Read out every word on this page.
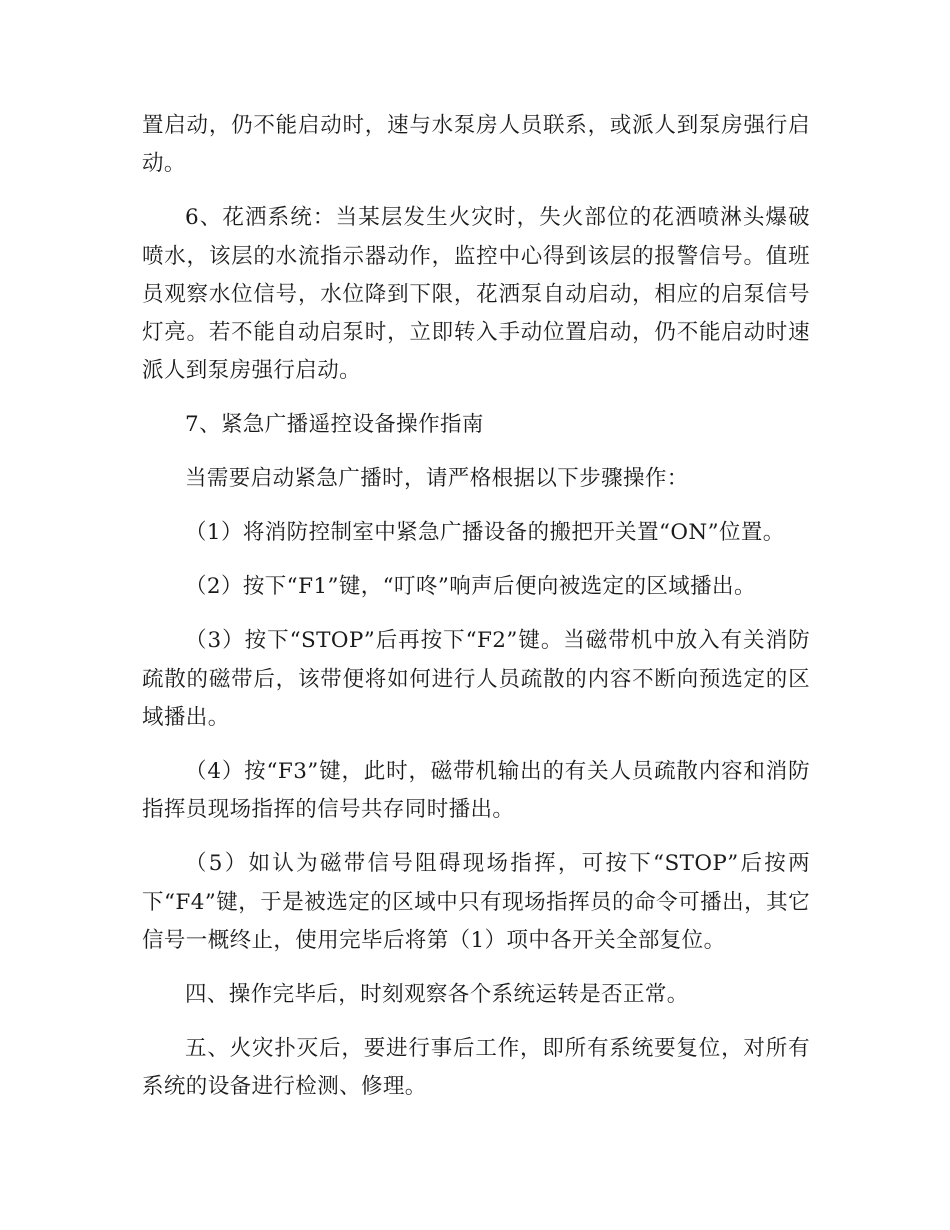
置启动，仍不能启动时，速与水泵房人员联系，或派人到泵房强行启动。

6、花洒系统：当某层发生火灾时，失火部位的花洒喷淋头爆破喷水，该层的水流指示器动作，监控中心得到该层的报警信号。值班员观察水位信号，水位降到下限，花洒泵自动启动，相应的启泵信号灯亮。若不能自动启泵时，立即转入手动位置启动，仍不能启动时速派人到泵房强行启动。

7、紧急广播遥控设备操作指南

当需要启动紧急广播时，请严格根据以下步骤操作：

（1）将消防控制室中紧急广播设备的搬把开关置“ON”位置。

（2）按下“F1”键，“叮咚”响声后便向被选定的区域播出。

（3）按下“STOP”后再按下“F2”键。当磁带机中放入有关消防疏散的磁带后，该带便将如何进行人员疏散的内容不断向预选定的区域播出。

（4）按“F3”键，此时，磁带机输出的有关人员疏散内容和消防指挥员现场指挥的信号共存同时播出。

（5）如认为磁带信号阻碍现场指挥，可按下“STOP”后按两下“F4”键，于是被选定的区域中只有现场指挥员的命令可播出，其它信号一概终止，使用完毕后将第（1）项中各开关全部复位。

四、操作完毕后，时刻观察各个系统运转是否正常。

五、火灾扑灭后，要进行事后工作，即所有系统要复位，对所有系统的设备进行检测、修理。
